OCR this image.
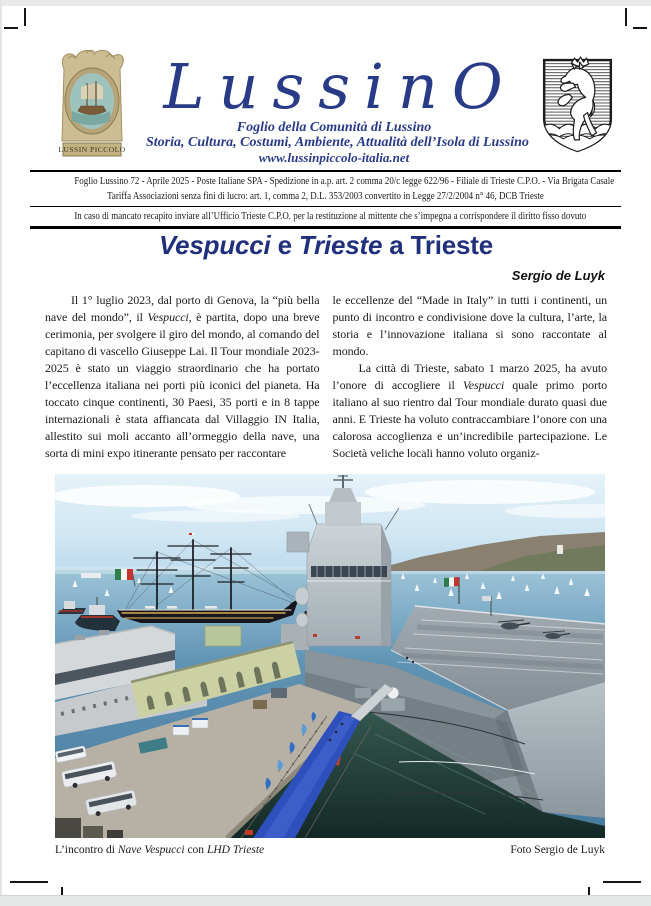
LUSSIN PICCOLO
LussinO
Foglio della Comunità di Lussino
Storia, Cultura, Costumi, Ambiente, Attualità dell’Isola di Lussino
www.lussinpiccolo-italia.net
Foglio Lussino 72 - Aprile 2025 - Poste Italiane SPA - Spedizione in a.p. art. 2 comma 20/c legge 622/96 - Filiale di Trieste C.P.O. - Via Brigata Casale
Tariffa Associazioni senza fini di lucro: art. 1, comma 2, D.L. 353/2003 convertito in Legge 27/2/2004 n° 46, DCB Trieste
In caso di mancato recapito inviare all’Ufficio Trieste C.P.O. per la restituzione al mittente che s’impegna a corrispondere il diritto fisso dovuto
Vespucci e Trieste a Trieste
Sergio de Luyk

Il 1° luglio 2023, dal porto di Genova, la “più bella nave del mondo”, il Vespucci, è partita, dopo una breve cerimonia, per svolgere il giro del mondo, al comando del capitano di vascello Giuseppe Lai. Il Tour mondiale 2023-2025 è stato un viaggio straordinario che ha portato l’eccellenza italiana nei porti più iconici del pianeta. Ha toccato cinque continenti, 30 Paesi, 35 porti e in 8 tappe internazionali è stata affiancata dal Villaggio IN Italia, allestito sui moli accanto all’ormeggio della nave, una sorta di mini expo itinerante pensato per raccontare

le eccellenze del “Made in Italy” in tutti i continenti, un punto di incontro e condivisione dove la cultura, l’arte, la storia e l’innovazione italiana si sono raccontate al mondo.

La città di Trieste, sabato 1 marzo 2025, ha avuto l’onore di accogliere il Vespucci quale primo porto italiano al suo rientro dal Tour mondiale durato quasi due anni. E Trieste ha voluto contraccambiare l’onore con una calorosa accoglienza e un’incredibile partecipazione. Le Società veliche locali hanno voluto organiz-

L’incontro di Nave Vespucci con LHD Trieste	Foto Sergio de Luyk
